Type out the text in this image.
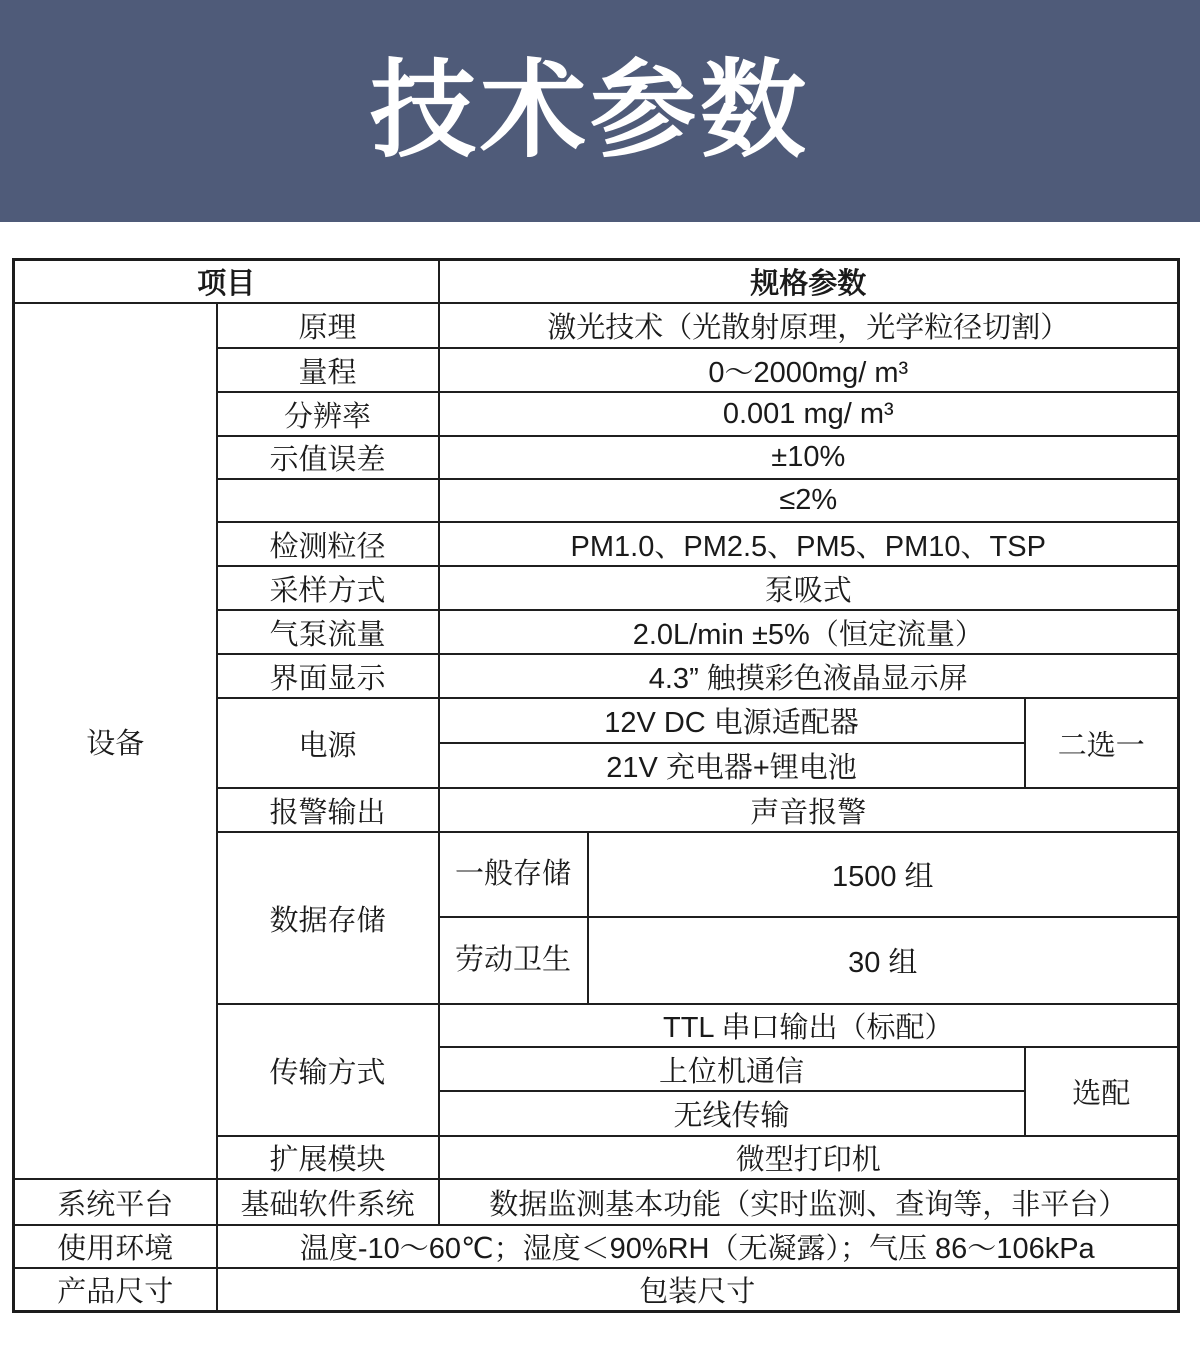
技术参数
项目		规格参数		
设备	原理	激光技术（光散射原理，光学粒径切割）		
	量程	0～2000mg/ m³		
	分辨率	0.001 mg/ m³		
	示值误差	±10%		
		≤2%		
	检测粒径	PM1.0、PM2.5、PM5、PM10、TSP		
	采样方式	泵吸式		
	气泵流量	2.0L/min ±5%（恒定流量）		
	界面显示	4.3” 触摸彩色液晶显示屏		
	电源	12V DC 电源适配器		二选一
		21V 充电器+锂电池		
	报警输出	声音报警		
	数据存储	一般存储	1500 组	
		劳动卫生	30 组	
	传输方式	TTL 串口输出（标配）		
		上位机通信		选配
		无线传输		
	扩展模块	微型打印机		
系统平台	基础软件系统	数据监测基本功能（实时监测、查询等，非平台）		
使用环境	温度-10～60℃；湿度＜90%RH（无凝露）；气压 86～106kPa			
产品尺寸	包装尺寸			
